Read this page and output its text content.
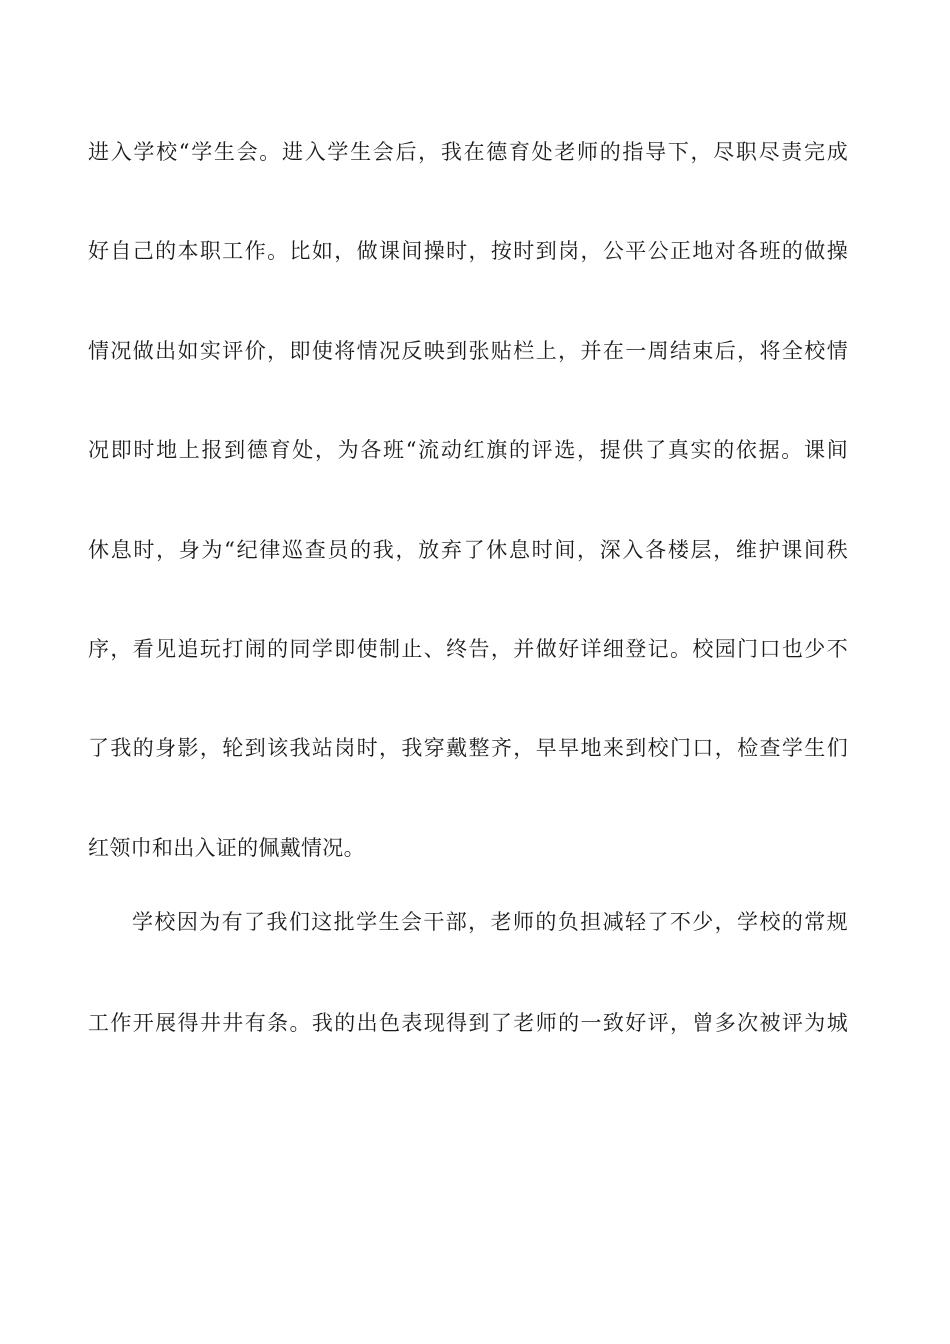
进入学校“学生会。进入学生会后，我在德育处老师的指导下，尽职尽责完成
好自己的本职工作。比如，做课间操时，按时到岗，公平公正地对各班的做操
情况做出如实评价，即使将情况反映到张贴栏上，并在一周结束后，将全校情
况即时地上报到德育处，为各班“流动红旗的评选，提供了真实的依据。课间
休息时，身为“纪律巡查员的我，放弃了休息时间，深入各楼层，维护课间秩
序，看见追玩打闹的同学即使制止、终告，并做好详细登记。校园门口也少不
了我的身影，轮到该我站岗时，我穿戴整齐，早早地来到校门口，检查学生们
红领巾和出入证的佩戴情况。
学校因为有了我们这批学生会干部，老师的负担减轻了不少，学校的常规
工作开展得井井有条。我的出色表现得到了老师的一致好评，曾多次被评为城
